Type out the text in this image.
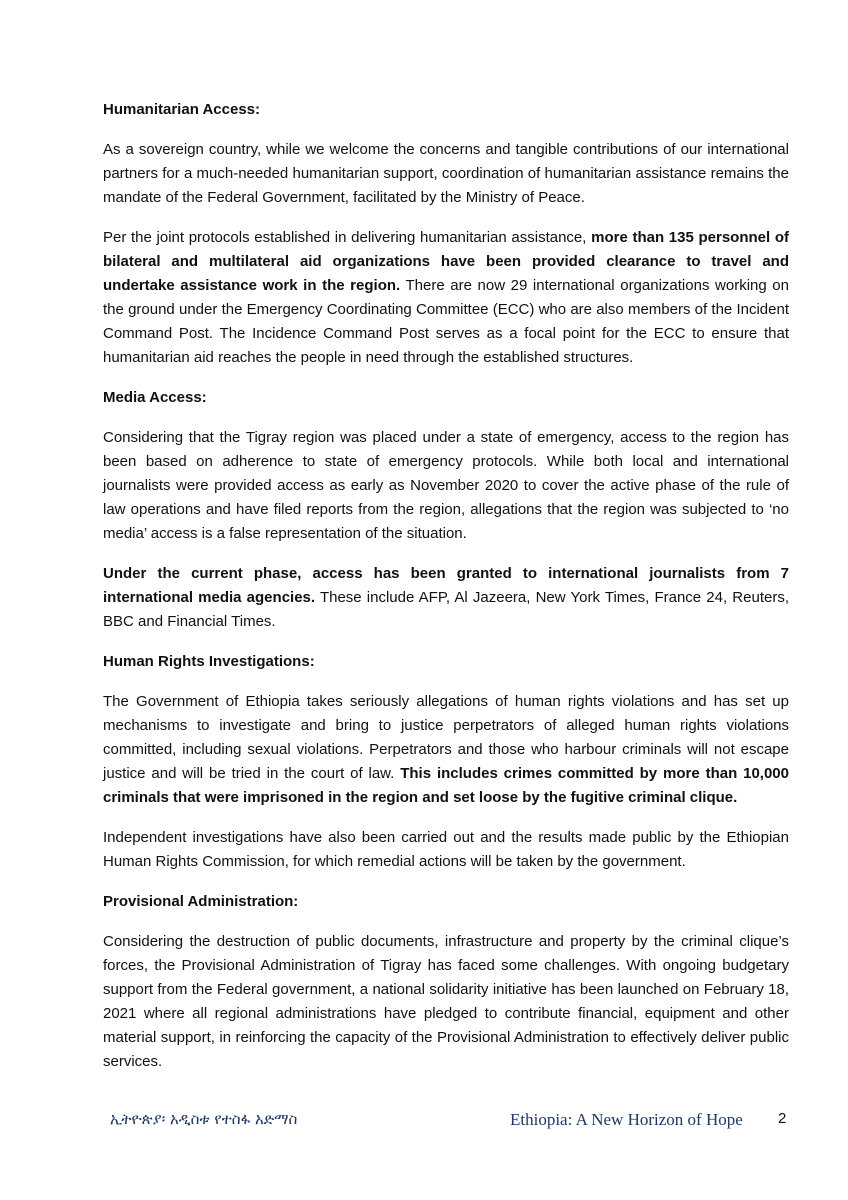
Humanitarian Access:

As a sovereign country, while we welcome the concerns and tangible contributions of our international partners for a much-needed humanitarian support, coordination of humanitarian assistance remains the mandate of the Federal Government, facilitated by the Ministry of Peace.

Per the joint protocols established in delivering humanitarian assistance, more than 135 personnel of bilateral and multilateral aid organizations have been provided clearance to travel and undertake assistance work in the region. There are now 29 international organizations working on the ground under the Emergency Coordinating Committee (ECC) who are also members of the Incident Command Post. The Incidence Command Post serves as a focal point for the ECC to ensure that humanitarian aid reaches the people in need through the established structures.

Media Access:

Considering that the Tigray region was placed under a state of emergency, access to the region has been based on adherence to state of emergency protocols. While both local and international journalists were provided access as early as November 2020 to cover the active phase of the rule of law operations and have filed reports from the region, allegations that the region was subjected to ‘no media’ access is a false representation of the situation.

Under the current phase, access has been granted to international journalists from 7 international media agencies. These include AFP, Al Jazeera, New York Times, France 24, Reuters, BBC and Financial Times.

Human Rights Investigations:

The Government of Ethiopia takes seriously allegations of human rights violations and has set up mechanisms to investigate and bring to justice perpetrators of alleged human rights violations committed, including sexual violations. Perpetrators and those who harbour criminals will not escape justice and will be tried in the court of law. This includes crimes committed by more than 10,000 criminals that were imprisoned in the region and set loose by the fugitive criminal clique.

Independent investigations have also been carried out and the results made public by the Ethiopian Human Rights Commission, for which remedial actions will be taken by the government.

Provisional Administration:

Considering the destruction of public documents, infrastructure and property by the criminal clique’s forces, the Provisional Administration of Tigray has faced some challenges. With ongoing budgetary support from the Federal government, a national solidarity initiative has been launched on February 18, 2021 where all regional administrations have pledged to contribute financial, equipment and other material support, in reinforcing the capacity of the Provisional Administration to effectively deliver public services.

ኢትዮጵያ፡ አዲስቱ የተስፋ አድማስ	Ethiopia: A New Horizon of Hope 2
